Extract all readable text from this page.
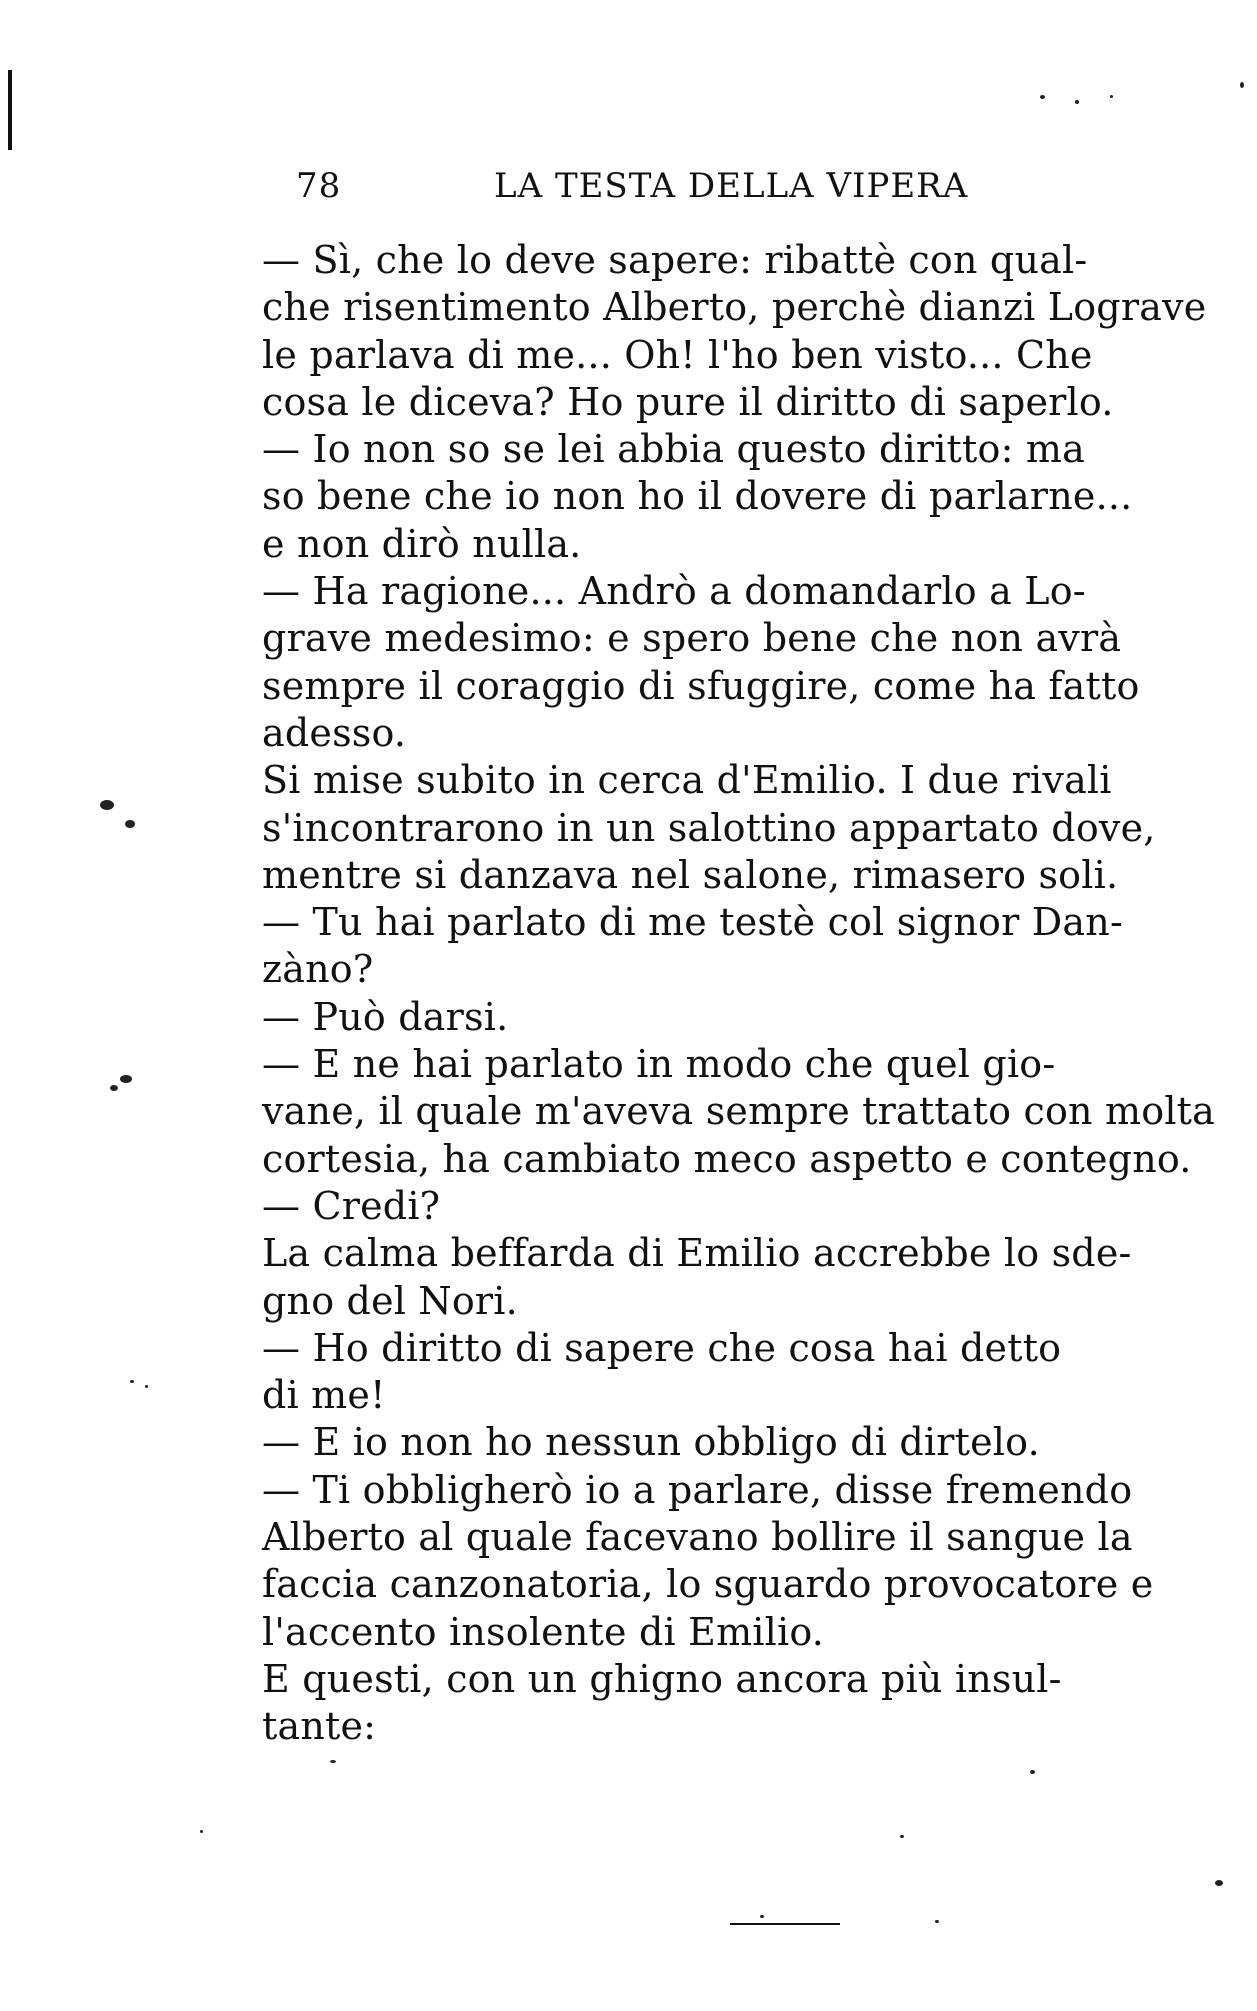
78	LA TESTA DELLA VIPERA
— Sì, che lo deve sapere: ribattè con qual-
che risentimento Alberto, perchè dianzi Lograve
le parlava di me... Oh! l'ho ben visto... Che
cosa le diceva? Ho pure il diritto di saperlo.
— Io non so se lei abbia questo diritto: ma
so bene che io non ho il dovere di parlarne...
e non dirò nulla.
— Ha ragione... Andrò a domandarlo a Lo-
grave medesimo: e spero bene che non avrà
sempre il coraggio di sfuggire, come ha fatto
adesso.
Si mise subito in cerca d'Emilio. I due rivali
s'incontrarono in un salottino appartato dove,
mentre si danzava nel salone, rimasero soli.
— Tu hai parlato di me testè col signor Dan-
zàno?
— Può darsi.
— E ne hai parlato in modo che quel gio-
vane, il quale m'aveva sempre trattato con molta
cortesia, ha cambiato meco aspetto e contegno.
— Credi?
La calma beffarda di Emilio accrebbe lo sde-
gno del Nori.
— Ho diritto di sapere che cosa hai detto
di me!
— E io non ho nessun obbligo di dirtelo.
— Ti obbligherò io a parlare, disse fremendo
Alberto al quale facevano bollire il sangue la
faccia canzonatoria, lo sguardo provocatore e
l'accento insolente di Emilio.
E questi, con un ghigno ancora più insul-
tante:
